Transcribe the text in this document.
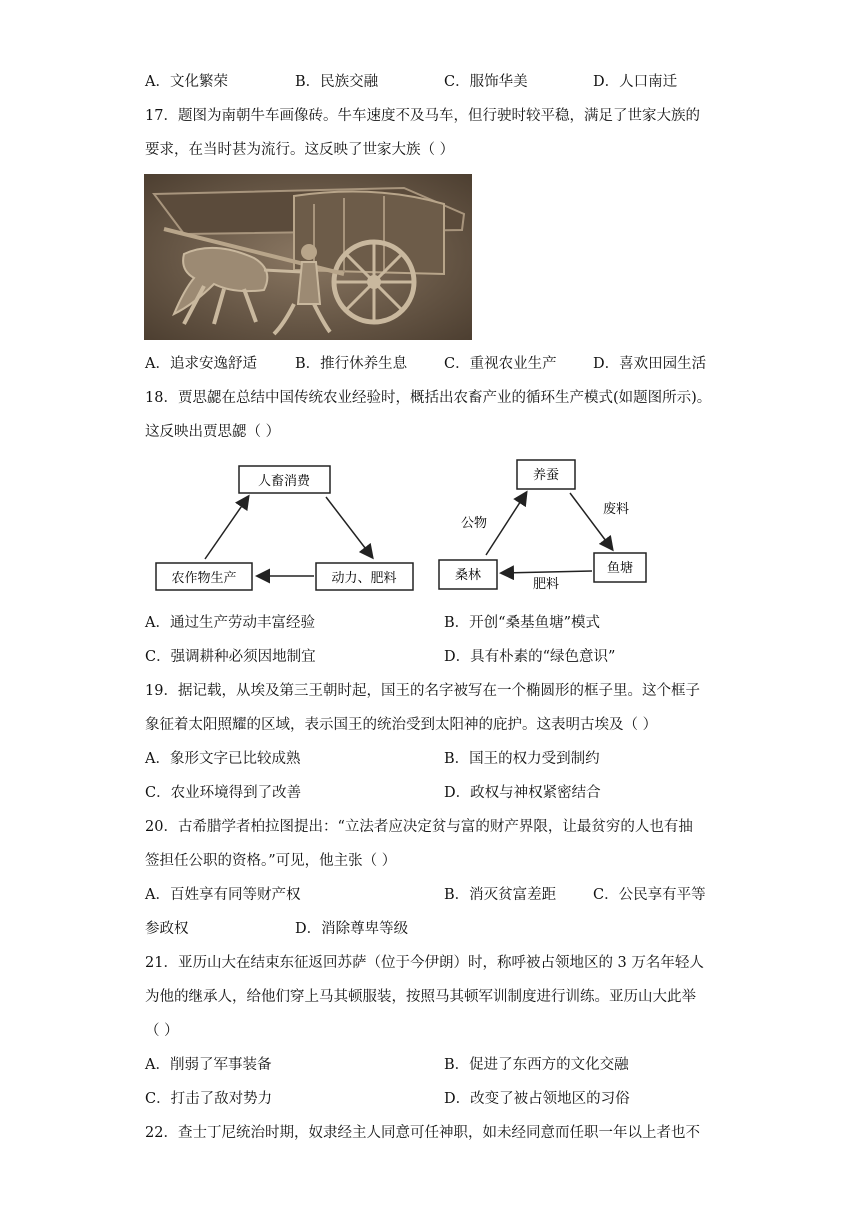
A．文化繁荣	B．民族交融	C．服饰华美	D．人口南迁
17．题图为南朝牛车画像砖。牛车速度不及马车，但行驶时较平稳，满足了世家大族的
要求，在当时甚为流行。这反映了世家大族（ ）
A．追求安逸舒适	B．推行休养生息	C．重视农业生产	D．喜欢田园生活
18．贾思勰在总结中国传统农业经验时，概括出农畜产业的循环生产模式(如题图所示)。
这反映出贾思勰（ ）
人畜消费
农作物生产	动力、肥料
养蚕
桑林	鱼塘
公物
废料
肥料
A．通过生产劳动丰富经验	B．开创“桑基鱼塘”模式
C．强调耕种必须因地制宜	D．具有朴素的“绿色意识”
19．据记载，从埃及第三王朝时起，国王的名字被写在一个椭圆形的框子里。这个框子
象征着太阳照耀的区域，表示国王的统治受到太阳神的庇护。这表明古埃及（ ）
A．象形文字已比较成熟	B．国王的权力受到制约
C．农业环境得到了改善	D．政权与神权紧密结合
20．古希腊学者柏拉图提出：“立法者应决定贫与富的财产界限，让最贫穷的人也有抽
签担任公职的资格。”可见，他主张（ ）
A．百姓享有同等财产权	B．消灭贫富差距	C．公民享有平等
参政权	D．消除尊卑等级
21．亚历山大在结束东征返回苏萨（位于今伊朗）时，称呼被占领地区的 3 万名年轻人
为他的继承人，给他们穿上马其顿服装，按照马其顿军训制度进行训练。亚历山大此举
（ ）
A．削弱了军事装备	B．促进了东西方的文化交融
C．打击了敌对势力	D．改变了被占领地区的习俗
22．查士丁尼统治时期，奴隶经主人同意可任神职，如未经同意而任职一年以上者也不
